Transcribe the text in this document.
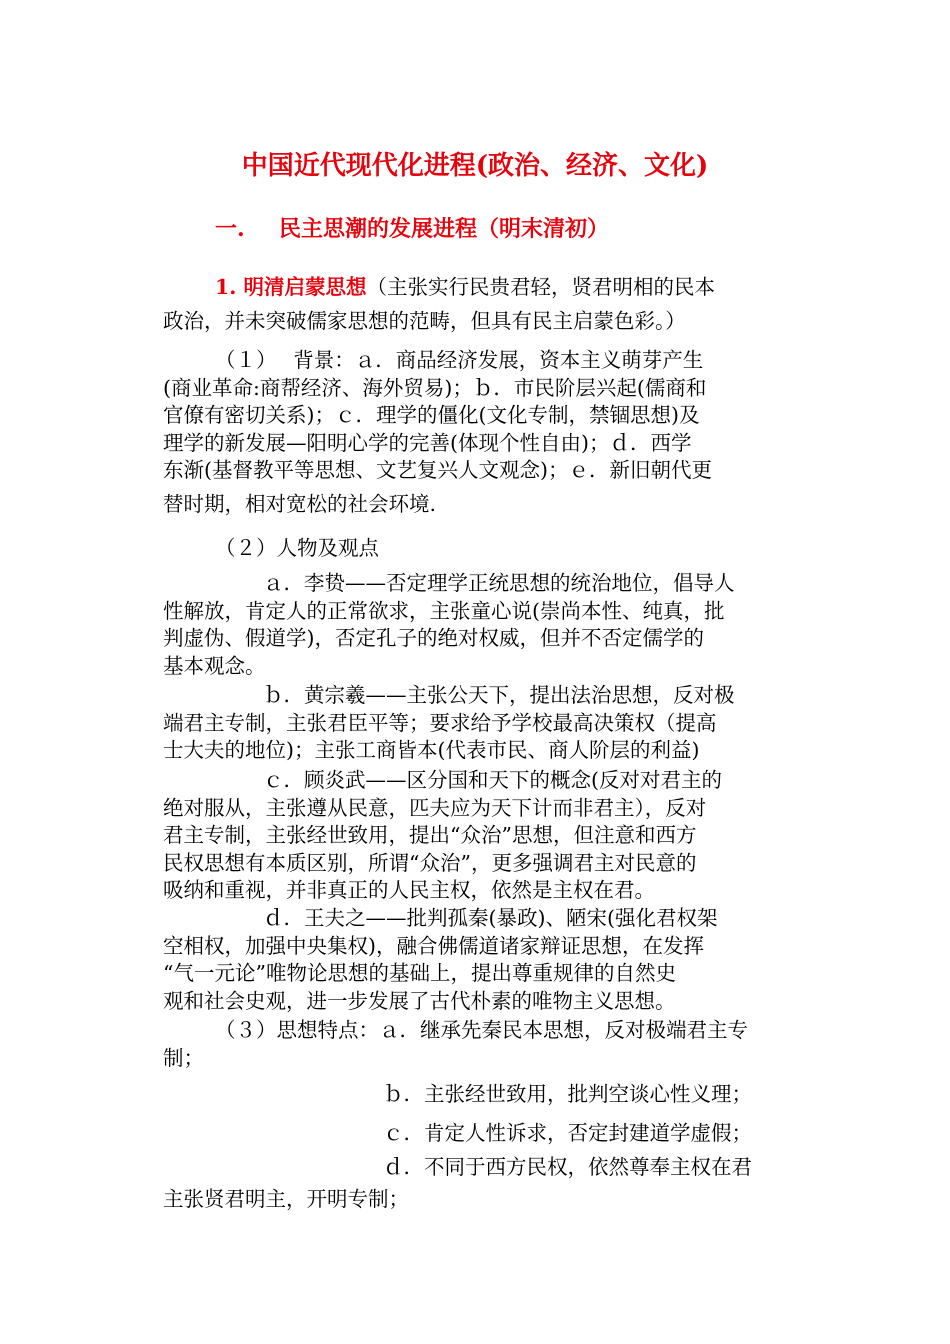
中国近代现代化进程(政治、经济、文化)
一. 民主思潮的发展进程（明末清初）

1. 明清启蒙思想（主张实行民贵君轻，贤君明相的民本

政治，并未突破儒家思想的范畴，但具有民主启蒙色彩。）

（１）　 背景：ａ．商品经济发展，资本主义萌芽产生

(商业革命:商帮经济、海外贸易)；ｂ．市民阶层兴起(儒商和

官僚有密切关系)；ｃ．理学的僵化(文化专制，禁锢思想)及

理学的新发展—阳明心学的完善(体现个性自由)；ｄ．西学

东渐(基督教平等思想、文艺复兴人文观念)；ｅ．新旧朝代更

替时期，相对宽松的社会环境.

（２）人物及观点

ａ．李贽——否定理学正统思想的统治地位，倡导人

性解放，肯定人的正常欲求，主张童心说(崇尚本性、纯真，批

判虚伪、假道学)，否定孔子的绝对权威，但并不否定儒学的

基本观念。

ｂ．黄宗羲——主张公天下，提出法治思想，反对极

端君主专制，主张君臣平等；要求给予学校最高决策权（提高

士大夫的地位)；主张工商皆本(代表市民、商人阶层的利益)

ｃ．顾炎武——区分国和天下的概念(反对对君主的

绝对服从，主张遵从民意，匹夫应为天下计而非君主），反对

君主专制，主张经世致用，提出“众治”思想，但注意和西方

民权思想有本质区别，所谓“众治”，更多强调君主对民意的

吸纳和重视，并非真正的人民主权，依然是主权在君。

ｄ．王夫之——批判孤秦(暴政)、陋宋(强化君权架

空相权，加强中央集权)，融合佛儒道诸家辩证思想，在发挥

“气一元论”唯物论思想的基础上，提出尊重规律的自然史

观和社会史观，进一步发展了古代朴素的唯物主义思想。

（３）思想特点：ａ．继承先秦民本思想，反对极端君主专

制；

ｂ．主张经世致用，批判空谈心性义理；

ｃ．肯定人性诉求，否定封建道学虚假；

ｄ．不同于西方民权，依然尊奉主权在君

主张贤君明主，开明专制；
